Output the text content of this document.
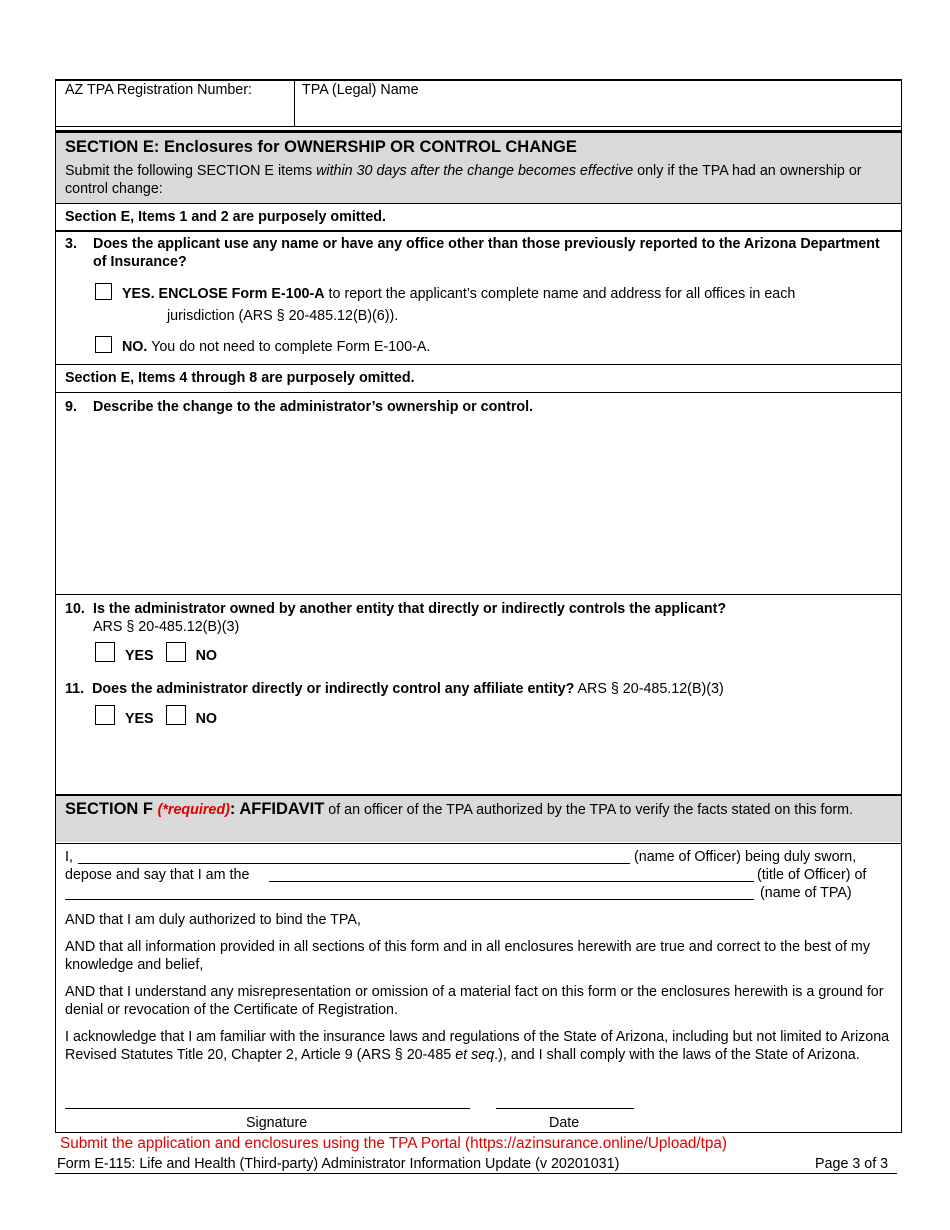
AZ TPA Registration Number:	TPA (Legal) Name
SECTION E: Enclosures for OWNERSHIP OR CONTROL CHANGE
Submit the following SECTION E items within 30 days after the change becomes effective only if the TPA had an ownership or control change:
Section E, Items 1 and 2 are purposely omitted.
3. Does the applicant use any name or have any office other than those previously reported to the Arizona Department of Insurance?
YES. ENCLOSE Form E-100-A to report the applicant’s complete name and address for all offices in each
jurisdiction (ARS § 20-485.12(B)(6)).
NO. You do not need to complete Form E-100-A.
Section E, Items 4 through 8 are purposely omitted.
9. Describe the change to the administrator’s ownership or control.
10. Is the administrator owned by another entity that directly or indirectly controls the applicant?
ARS § 20-485.12(B)(3)
YES	NO
11. Does the administrator directly or indirectly control any affiliate entity? ARS § 20-485.12(B)(3)
YES	NO
SECTION F (*required): AFFIDAVIT of an officer of the TPA authorized by the TPA to verify the facts stated on this form.
I,	(name of Officer) being duly sworn,
depose and say that I am the	(title of Officer) of
(name of TPA)
AND that I am duly authorized to bind the TPA,
AND that all information provided in all sections of this form and in all enclosures herewith are true and correct to the best of my knowledge and belief,
AND that I understand any misrepresentation or omission of a material fact on this form or the enclosures herewith is a ground for denial or revocation of the Certificate of Registration.
I acknowledge that I am familiar with the insurance laws and regulations of the State of Arizona, including but not limited to Arizona Revised Statutes Title 20, Chapter 2, Article 9 (ARS § 20-485 et seq.), and I shall comply with the laws of the State of Arizona.
Signature	Date
Submit the application and enclosures using the TPA Portal (https://azinsurance.online/Upload/tpa)
Form E-115: Life and Health (Third-party) Administrator Information Update (v 20201031)	Page 3 of 3
